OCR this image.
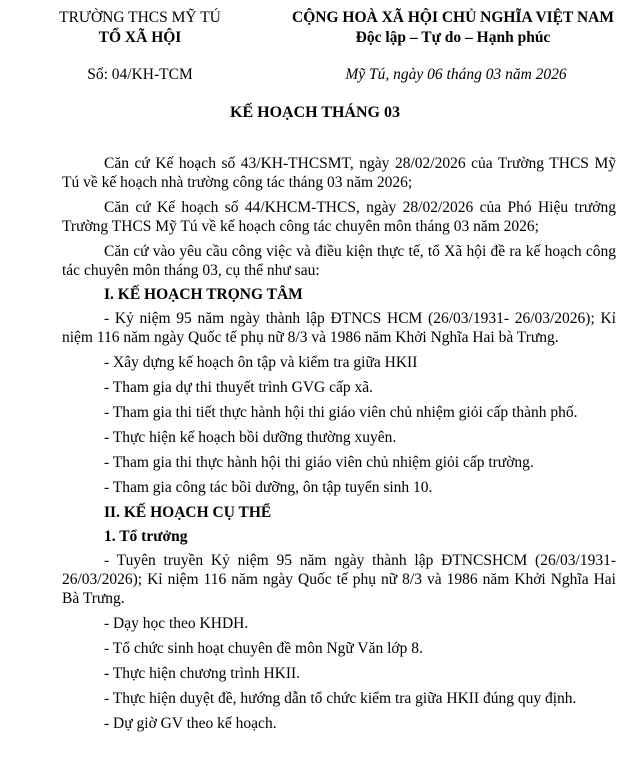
TRƯỜNG THCS MỸ TÚ
TỔ XÃ HỘI
CỘNG HOÀ XÃ HỘI CHỦ NGHĨA VIỆT NAM
Độc lập – Tự do – Hạnh phúc
Số: 04/KH-TCM	Mỹ Tú, ngày 06 tháng 03 năm 2026
KẾ HOẠCH THÁNG 03

Căn cứ Kế hoạch số 43/KH-THCSMT, ngày 28/02/2026 của Trường THCS Mỹ Tú về kế hoạch nhà trường công tác tháng 03 năm 2026;

Căn cứ Kế hoạch số 44/KHCM-THCS, ngày 28/02/2026 của Phó Hiệu trưởng Trường THCS Mỹ Tú về kế hoạch công tác chuyên môn tháng 03 năm 2026;

Căn cứ vào yêu cầu công việc và điều kiện thực tế, tổ Xã hội đề ra kế hoạch công tác chuyên môn tháng 03, cụ thể như sau:

I. KẾ HOẠCH TRỌNG TÂM

- Kỷ niệm 95 năm ngày thành lập ĐTNCS HCM (26/03/1931- 26/03/2026); Kỉ niệm 116 năm ngày Quốc tế phụ nữ 8/3 và 1986 năm Khởi Nghĩa Hai bà Trưng.

- Xây dựng kế hoạch ôn tập và kiểm tra giữa HKII

- Tham gia dự thi thuyết trình GVG cấp xã.

- Tham gia thi tiết thực hành hội thi giáo viên chủ nhiệm giỏi cấp thành phố.

- Thực hiện kế hoạch bồi dưỡng thường xuyên.

- Tham gia thi thực hành hội thi giáo viên chủ nhiệm giỏi cấp trường.

- Tham gia công tác bồi dưỡng, ôn tập tuyển sinh 10.

II. KẾ HOẠCH CỤ THỂ

1. Tổ trưởng

- Tuyên truyền Kỷ niệm 95 năm ngày thành lập ĐTNCSHCM (26/03/1931- 26/03/2026); Kỉ niệm 116 năm ngày Quốc tế phụ nữ 8/3 và 1986 năm Khởi Nghĩa Hai Bà Trưng.

- Dạy học theo KHDH.

- Tổ chức sinh hoạt chuyên đề môn Ngữ Văn lớp 8.

- Thực hiện chương trình HKII.

- Thực hiện duyệt đề, hướng dẫn tổ chức kiểm tra giữa HKII đúng quy định.

- Dự giờ GV theo kế hoạch.
